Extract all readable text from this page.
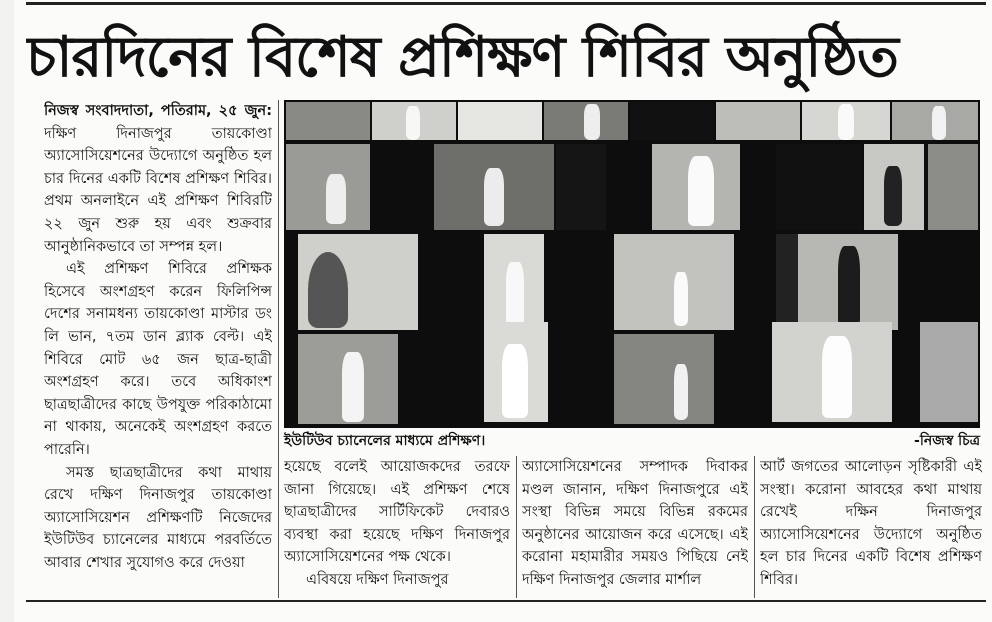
চারদিনের বিশেষ প্রশিক্ষণ শিবির অনুষ্ঠিত

নিজস্ব সংবাদদাতা, পতিরাম, ২৫ জুন: দক্ষিণ দিনাজপুর তায়কোণ্ডা অ্যাসোসিয়েশনের উদ্যোগে অনুষ্ঠিত হল চার দিনের একটি বিশেষ প্রশিক্ষণ শিবির। প্রথম অনলাইনে এই প্রশিক্ষণ শিবিরটি ২২ জুন শুরু হয় এবং শুক্রবার আনুষ্ঠানিকভাবে তা সম্পন্ন হল।

এই প্রশিক্ষণ শিবিরে প্রশিক্ষক হিসেবে অংশগ্রহণ করেন ফিলিপিন্স দেশের সনামধন্য তায়কোণ্ডা মাস্টার ডং লি ভান, ৭তম ডান ব্ল্যাক বেল্ট। এই শিবিরে মোট ৬৫ জন ছাত্র-ছাত্রী অংশগ্রহণ করে। তবে অধিকাংশ ছাত্রছাত্রীদের কাছে উপযুক্ত পরিকাঠামো না থাকায়, অনেকেই অংশগ্রহণ করতে পারেনি।

সমস্ত ছাত্রছাত্রীদের কথা মাথায় রেখে দক্ষিণ দিনাজপুর তায়কোণ্ডা অ্যাসোসিয়েশন প্রশিক্ষণটি নিজেদের ইউটিউব চ্যানেলের মাধ্যমে পরবর্তিতে আবার শেখার সুযোগও করে দেওয়া

ইউটিউব চ্যানেলের মাধ্যমে প্রশিক্ষণ।	-নিজস্ব চিত্র

হয়েছে বলেই আয়োজকদের তরফে জানা গিয়েছে। এই প্রশিক্ষণ শেষে ছাত্রছাত্রীদের সার্টিফিকেট দেবারও ব্যবস্থা করা হয়েছে দক্ষিণ দিনাজপুর অ্যাসোসিয়েশনের পক্ষ থেকে।

এবিষয়ে দক্ষিণ দিনাজপুর

অ্যাসোসিয়েশনের সম্পাদক দিবাকর মণ্ডল জানান, দক্ষিণ দিনাজপুরে এই সংস্থা বিভিন্ন সময়ে বিভিন্ন রকমের অনুষ্ঠানের আয়োজন করে এসেছে। এই করোনা মহামারীর সময়ও পিছিয়ে নেই দক্ষিণ দিনাজপুর জেলার মার্শাল

আর্ট জগতের আলোড়ন সৃষ্টিকারী এই সংস্থা। করোনা আবহের কথা মাথায় রেখেই দক্ষিন দিনাজপুর অ্যাসোসিয়েশনের উদ্যোগে অনুষ্ঠিত হল চার দিনের একটি বিশেষ প্রশিক্ষণ শিবির।
